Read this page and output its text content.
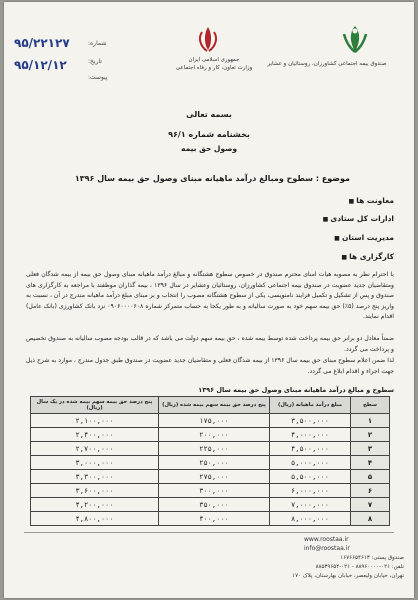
۹۵/۲۲۱۲۷
۹۵/۱۲/۱۲
شماره:
تاریخ:
پیوست:
جمهوری اسلامی ایران
وزارت تعاون، کار و رفاه اجتماعی
صندوق بیمه اجتماعی کشاورزان، روستائیان و عشایر
بسمه تعالی
بخشنامه شماره ۹۶/۱
وصول حق بیمه
موضوع : سطوح ومبالغ درآمد ماهیانه مبنای وصول حق بیمه سال ۱۳۹۶
معاونت ها ■
ادارات کل ستادی ■
مدیریت استان ■
کارگزاری ها ■
با احترام نظر به مصوبه هیات امنای محترم صندوق در خصوص سطوح هشتگانه و مبالغ درآمد ماهیانه مبنای وصول حق بیمه از بیمه شدگان فعلی ومتقاضیان جدید عضویت در صندوق بیمه اجتماعی کشاورزان، روستائیان وعشایر در سال ۱۳۹۶ ، بیمه گذاران موظفند با مراجعه به کارگزاری های صندوق و پس از تشکیل و تکمیل فرایند نامنویسی، یکی از سطوح هشتگانه مصوب را انتخاب و بر مبنای مبلغ درآمد ماهیانه مندرج در آن ، نسبت به واریز پنج درصد (۵٪) حق بیمه سهم خود به صورت سالیانه و به طور یکجا به حساب متمرکز شماره ۰۹۰۶۰۰۰۰۶۰۸ نزد بانک کشاورزی (بانک عامل) اقدام نمایند.
ضمناً معادل دو برابر حق بیمه پرداخت شده توسط بیمه شده ، حق بیمه سهم دولت می باشد که در قالب بودجه مصوب سالیانه به صندوق تخصیص و پرداخت می گردد.
لذا ضمن اعلام سطوح مبنای حق بیمه سال ۱۳۹۶ از بیمه شدگان فعلی و متقاضیان جدید عضویت در صندوق طبق جدول مندرج ، موارد به شرح ذیل جهت اجراء و اقدام ابلاغ می گردد.
سطوح و مبالغ درآمد ماهیانه مبنای وصول حق بیمه سال ۱۳۹۶
سطح	مبلغ درآمد ماهیانه (ریال)	پنج درصد حق بیمه سهم بیمه شده (ریال)	پنج درصد حق بیمه سهم بیمه شده در یک سال (ریال)
۱	۳,۵۰۰,۰۰۰	۱۷۵,۰۰۰	۲,۱۰۰,۰۰۰
۲	۴,۰۰۰,۰۰۰	۲۰۰,۰۰۰	۲,۴۰۰,۰۰۰
۳	۴,۵۰۰,۰۰۰	۲۲۵,۰۰۰	۲,۷۰۰,۰۰۰
۴	۵,۰۰۰,۰۰۰	۲۵۰,۰۰۰	۳,۰۰۰,۰۰۰
۵	۵,۵۰۰,۰۰۰	۲۷۵,۰۰۰	۳,۳۰۰,۰۰۰
۶	۶,۰۰۰,۰۰۰	۳۰۰,۰۰۰	۳,۶۰۰,۰۰۰
۷	۷,۰۰۰,۰۰۰	۳۵۰,۰۰۰	۴,۲۰۰,۰۰۰
۸	۸,۰۰۰,۰۰۰	۴۰۰,۰۰۰	۴,۸۰۰,۰۰۰
www.roostaa.ir
info@roostaa.ir
صندوق پستی: ۱۶۷۶۶۵۴۶۱۳
تلفن: ۰۲۱-۸۸۹۶۰۰۰۰ - ۰۲۱-۸۸۵۳۹۶۵۴
تهران، خیابان ولیعصر، خیابان بهارستان، پلاک ۱۷۰
